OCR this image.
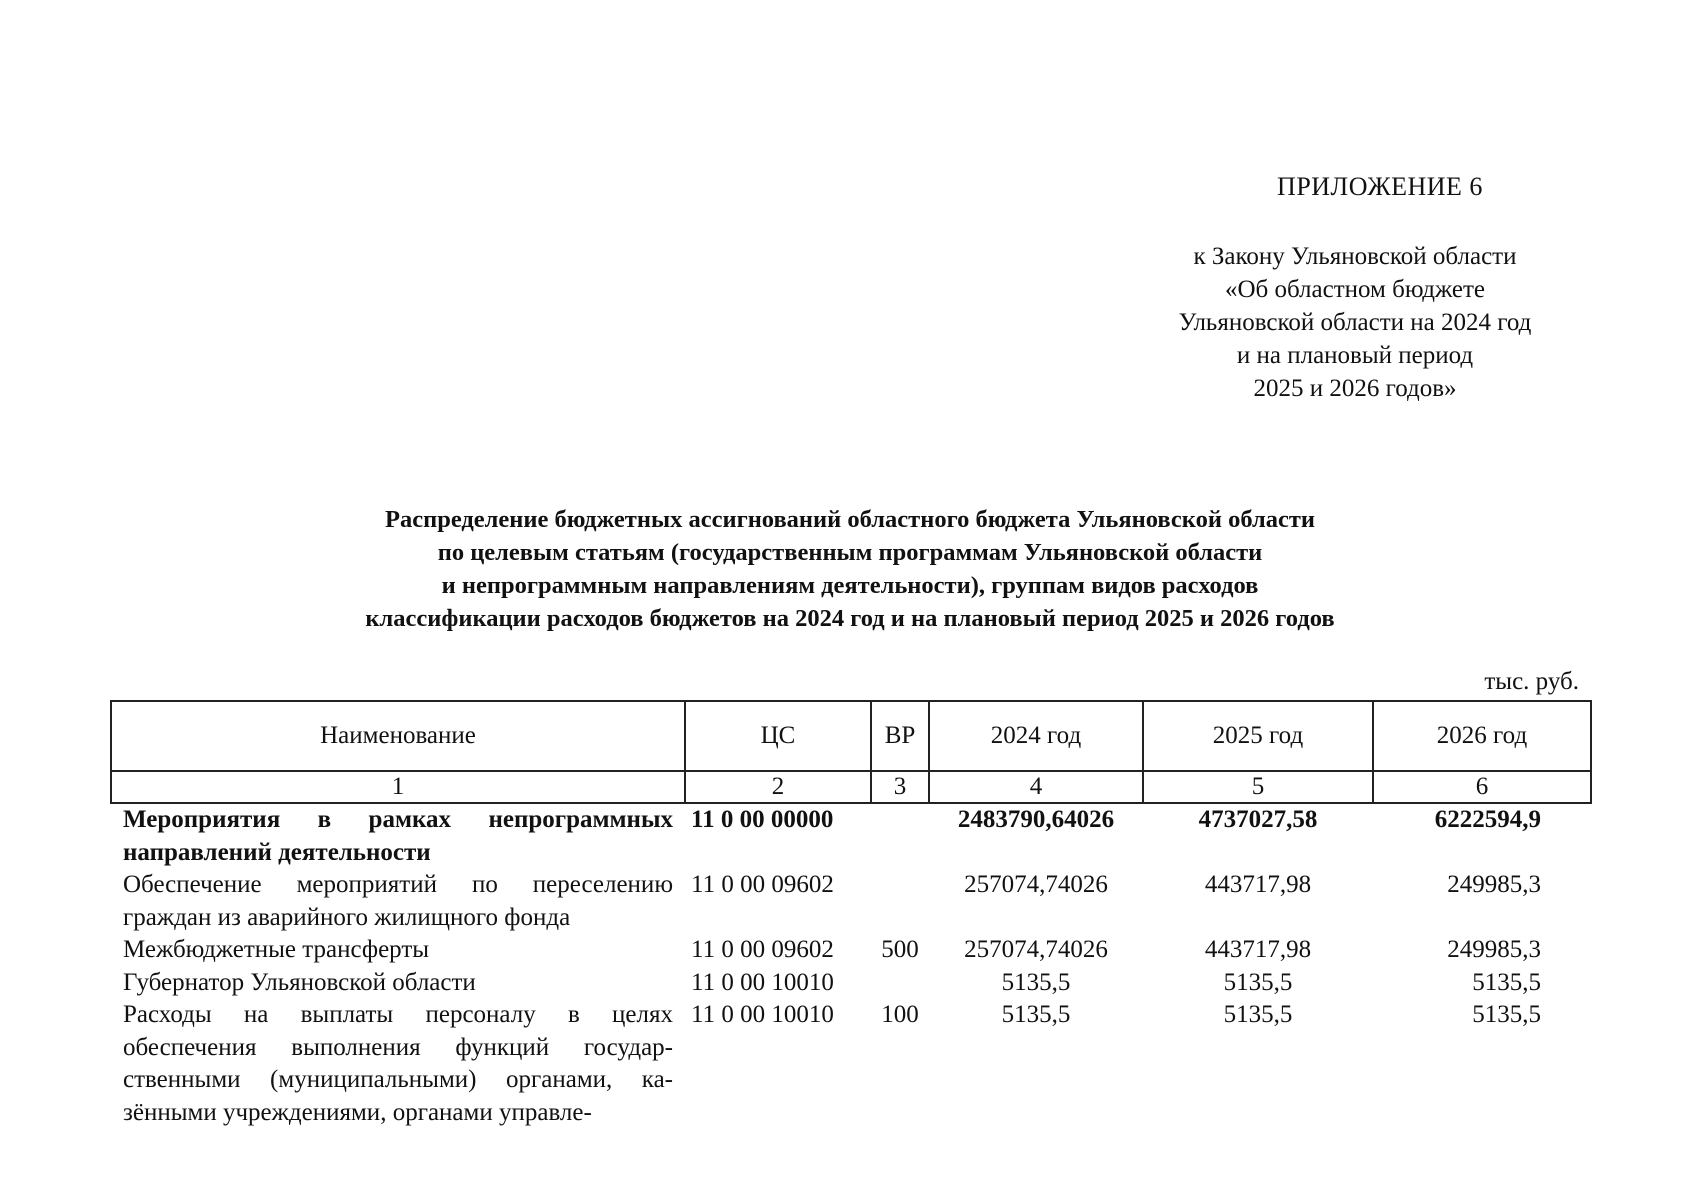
ПРИЛОЖЕНИЕ 6
к Закону Ульяновской области
«Об областном бюджете
Ульяновской области на 2024 год
и на плановый период
2025 и 2026 годов»
Распределение бюджетных ассигнований областного бюджета Ульяновской области
по целевым статьям (государственным программам Ульяновской области
и непрограммным направлениям деятельности), группам видов расходов
классификации расходов бюджетов на 2024 год и на плановый период 2025 и 2026 годов
тыс. руб.
Наименование	ЦС	ВР	2024 год	2025 год	2026 год
1	2	3	4	5	6
Мероприятия в рамках непрограммных направлений деятельности	11 0 00 00000		2483790,64026	4737027,58	6222594,9
Обеспечение мероприятий по переселению граждан из аварийного жилищного фонда	11 0 00 09602		257074,74026	443717,98	249985,3
Межбюджетные трансферты	11 0 00 09602	500	257074,74026	443717,98	249985,3
Губернатор Ульяновской области	11 0 00 10010		5135,5	5135,5	5135,5
Расходы на выплаты персоналу в целях обеспечения выполнения функций государ-ственными (муниципальными) органами, ка-зёнными учреждениями, органами управле-	11 0 00 10010	100	5135,5	5135,5	5135,5
